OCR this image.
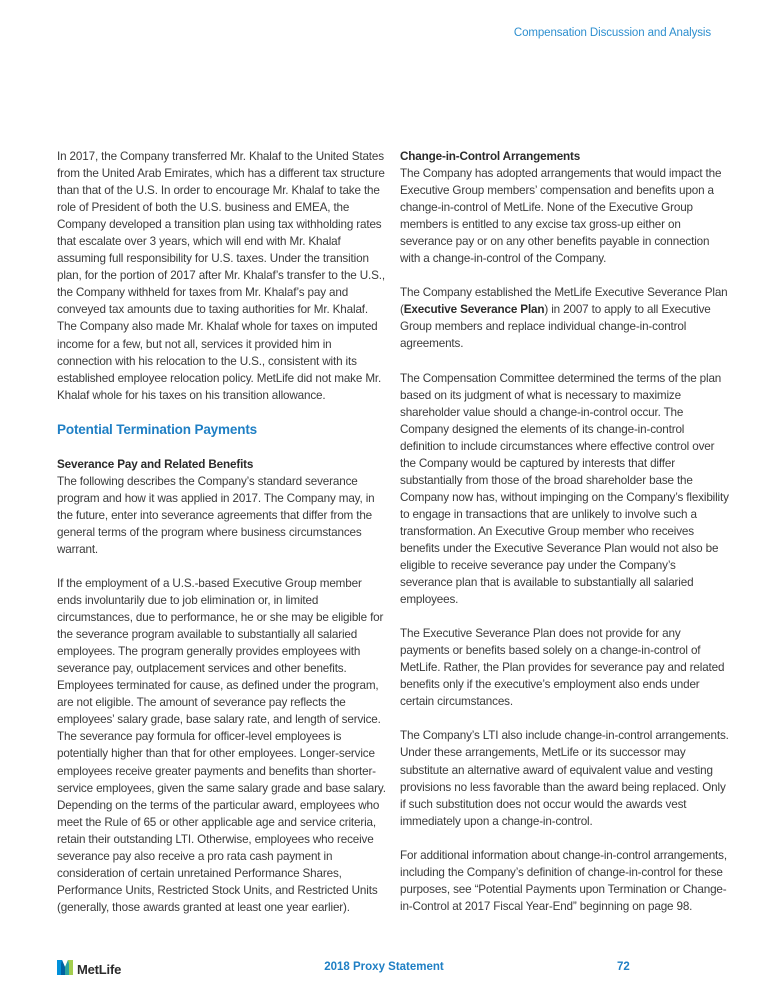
Compensation Discussion and Analysis

In 2017, the Company transferred Mr. Khalaf to the United States from the United Arab Emirates, which has a different tax structure than that of the U.S. In order to encourage Mr. Khalaf to take the role of President of both the U.S. business and EMEA, the Company developed a transition plan using tax withholding rates that escalate over 3 years, which will end with Mr. Khalaf assuming full responsibility for U.S. taxes. Under the transition plan, for the portion of 2017 after Mr. Khalaf’s transfer to the U.S., the Company withheld for taxes from Mr. Khalaf’s pay and conveyed tax amounts due to taxing authorities for Mr. Khalaf. The Company also made Mr. Khalaf whole for taxes on imputed income for a few, but not all, services it provided him in connection with his relocation to the U.S., consistent with its established employee relocation policy. MetLife did not make Mr. Khalaf whole for his taxes on his transition allowance.

Potential Termination Payments
Severance Pay and Related Benefits

The following describes the Company’s standard severance program and how it was applied in 2017. The Company may, in the future, enter into severance agreements that differ from the general terms of the program where business circumstances warrant.

If the employment of a U.S.-based Executive Group member ends involuntarily due to job elimination or, in limited circumstances, due to performance, he or she may be eligible for the severance program available to substantially all salaried employees. The program generally provides employees with severance pay, outplacement services and other benefits. Employees terminated for cause, as defined under the program, are not eligible. The amount of severance pay reflects the employees’ salary grade, base salary rate, and length of service. The severance pay formula for officer-level employees is potentially higher than that for other employees. Longer-service employees receive greater payments and benefits than shorter-service employees, given the same salary grade and base salary. Depending on the terms of the particular award, employees who meet the Rule of 65 or other applicable age and service criteria, retain their outstanding LTI. Otherwise, employees who receive severance pay also receive a pro rata cash payment in consideration of certain unretained Performance Shares, Performance Units, Restricted Stock Units, and Restricted Units (generally, those awards granted at least one year earlier).

Change-in-Control Arrangements

The Company has adopted arrangements that would impact the Executive Group members’ compensation and benefits upon a change-in-control of MetLife. None of the Executive Group members is entitled to any excise tax gross-up either on severance pay or on any other benefits payable in connection with a change-in-control of the Company.

The Company established the MetLife Executive Severance Plan (Executive Severance Plan) in 2007 to apply to all Executive Group members and replace individual change-in-control agreements.

The Compensation Committee determined the terms of the plan based on its judgment of what is necessary to maximize shareholder value should a change-in-control occur. The Company designed the elements of its change-in-control definition to include circumstances where effective control over the Company would be captured by interests that differ substantially from those of the broad shareholder base the Company now has, without impinging on the Company’s flexibility to engage in transactions that are unlikely to involve such a transformation. An Executive Group member who receives benefits under the Executive Severance Plan would not also be eligible to receive severance pay under the Company’s severance plan that is available to substantially all salaried employees.

The Executive Severance Plan does not provide for any payments or benefits based solely on a change-in-control of MetLife. Rather, the Plan provides for severance pay and related benefits only if the executive’s employment also ends under certain circumstances.

The Company’s LTI also include change-in-control arrangements. Under these arrangements, MetLife or its successor may substitute an alternative award of equivalent value and vesting provisions no less favorable than the award being replaced. Only if such substitution does not occur would the awards vest immediately upon a change-in-control.

For additional information about change-in-control arrangements, including the Company’s definition of change-in-control for these purposes, see “Potential Payments upon Termination or Change-in-Control at 2017 Fiscal Year-End” beginning on page 98.

MetLife	2018 Proxy Statement	72
